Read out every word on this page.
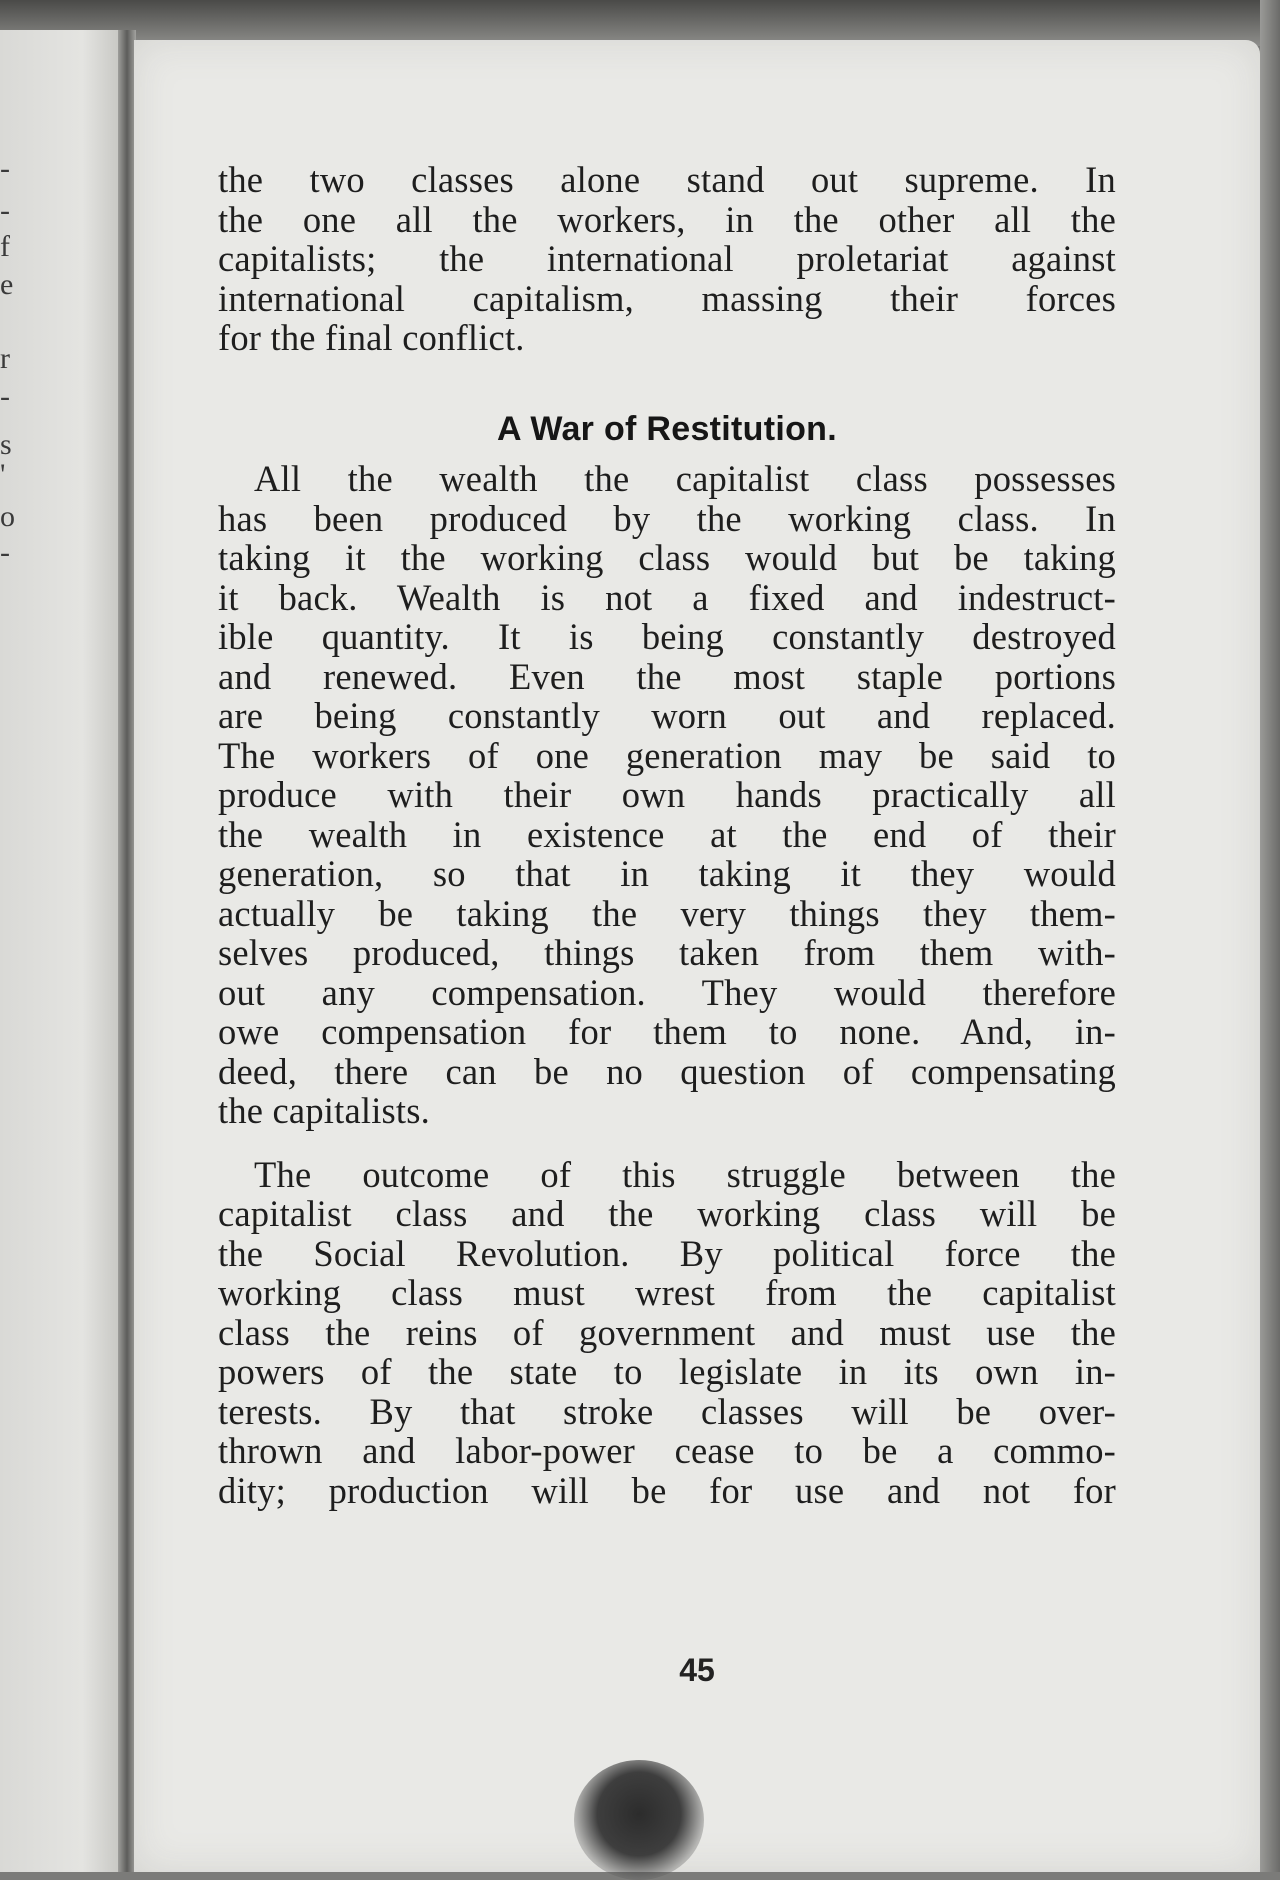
-
-
f
e
r
-
s
'
o
-
the two classes alone stand out supreme. In
the one all the workers, in the other all the
capitalists; the international proletariat against
international capitalism, massing their forces
for the final conflict.
A War of Restitution.
All the wealth the capitalist class possesses
has been produced by the working class. In
taking it the working class would but be taking
it back. Wealth is not a fixed and indestruct-
ible quantity. It is being constantly destroyed
and renewed. Even the most staple portions
are being constantly worn out and replaced.
The workers of one generation may be said to
produce with their own hands practically all
the wealth in existence at the end of their
generation, so that in taking it they would
actually be taking the very things they them-
selves produced, things taken from them with-
out any compensation. They would therefore
owe compensation for them to none. And, in-
deed, there can be no question of compensating
the capitalists.
The outcome of this struggle between the
capitalist class and the working class will be
the Social Revolution. By political force the
working class must wrest from the capitalist
class the reins of government and must use the
powers of the state to legislate in its own in-
terests. By that stroke classes will be over-
thrown and labor-power cease to be a commo-
dity; production will be for use and not for
45
